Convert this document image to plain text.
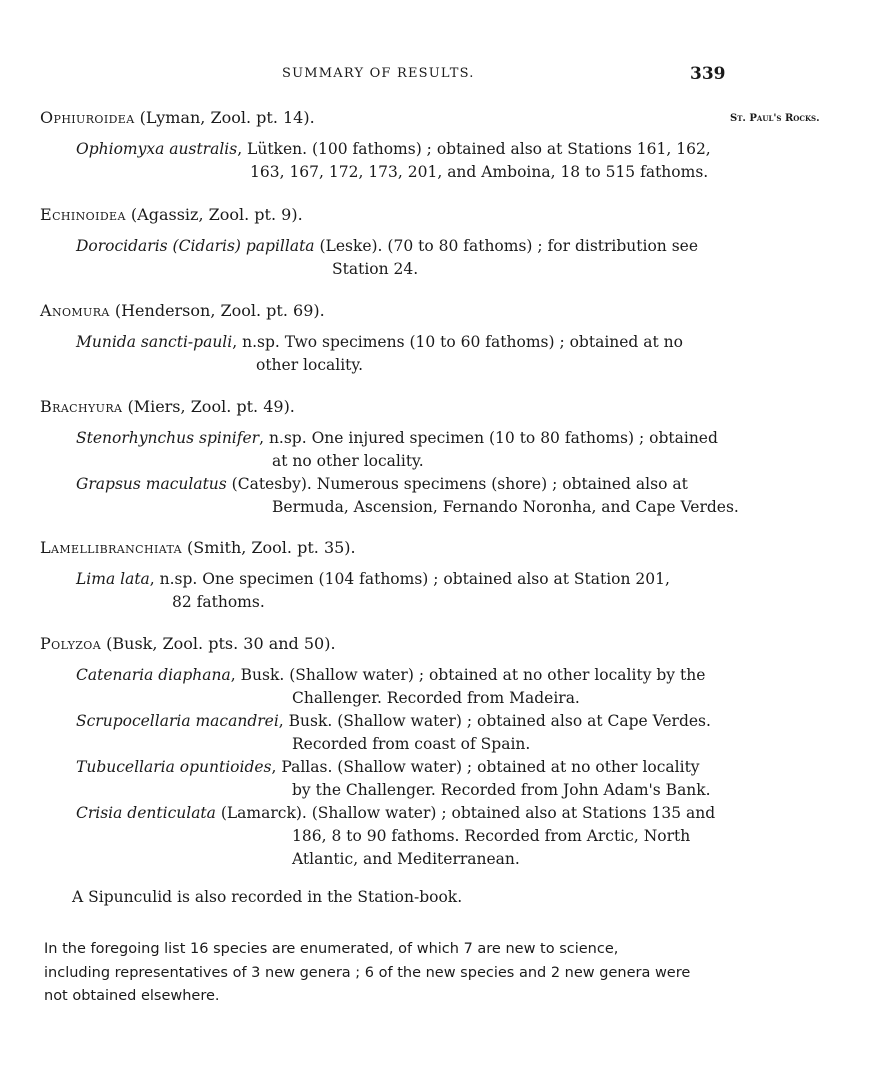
SUMMARY OF RESULTS.	339
St. Paul's Rocks.
Ophiuroidea (Lyman, Zool. pt. 14).
Ophiomyxa australis, Lütken. (100 fathoms) ; obtained also at Stations 161, 162,
163, 167, 172, 173, 201, and Amboina, 18 to 515 fathoms.
Echinoidea (Agassiz, Zool. pt. 9).
Dorocidaris (Cidaris) papillata (Leske). (70 to 80 fathoms) ; for distribution see
Station 24.
Anomura (Henderson, Zool. pt. 69).
Munida sancti-pauli, n.sp. Two specimens (10 to 60 fathoms) ; obtained at no
other locality.
Brachyura (Miers, Zool. pt. 49).
Stenorhynchus spinifer, n.sp. One injured specimen (10 to 80 fathoms) ; obtained
at no other locality.
Grapsus maculatus (Catesby). Numerous specimens (shore) ; obtained also at
Bermuda, Ascension, Fernando Noronha, and Cape Verdes.
Lamellibranchiata (Smith, Zool. pt. 35).
Lima lata, n.sp. One specimen (104 fathoms) ; obtained also at Station 201,
82 fathoms.
Polyzoa (Busk, Zool. pts. 30 and 50).
Catenaria diaphana, Busk. (Shallow water) ; obtained at no other locality by the
Challenger. Recorded from Madeira.
Scrupocellaria macandrei, Busk. (Shallow water) ; obtained also at Cape Verdes.
Recorded from coast of Spain.
Tubucellaria opuntioides, Pallas. (Shallow water) ; obtained at no other locality
by the Challenger. Recorded from John Adam's Bank.
Crisia denticulata (Lamarck). (Shallow water) ; obtained also at Stations 135 and
186, 8 to 90 fathoms. Recorded from Arctic, North
Atlantic, and Mediterranean.
A Sipunculid is also recorded in the Station-book.
In the foregoing list 16 species are enumerated, of which 7 are new to science,
including representatives of 3 new genera ; 6 of the new species and 2 new genera were
not obtained elsewhere.
